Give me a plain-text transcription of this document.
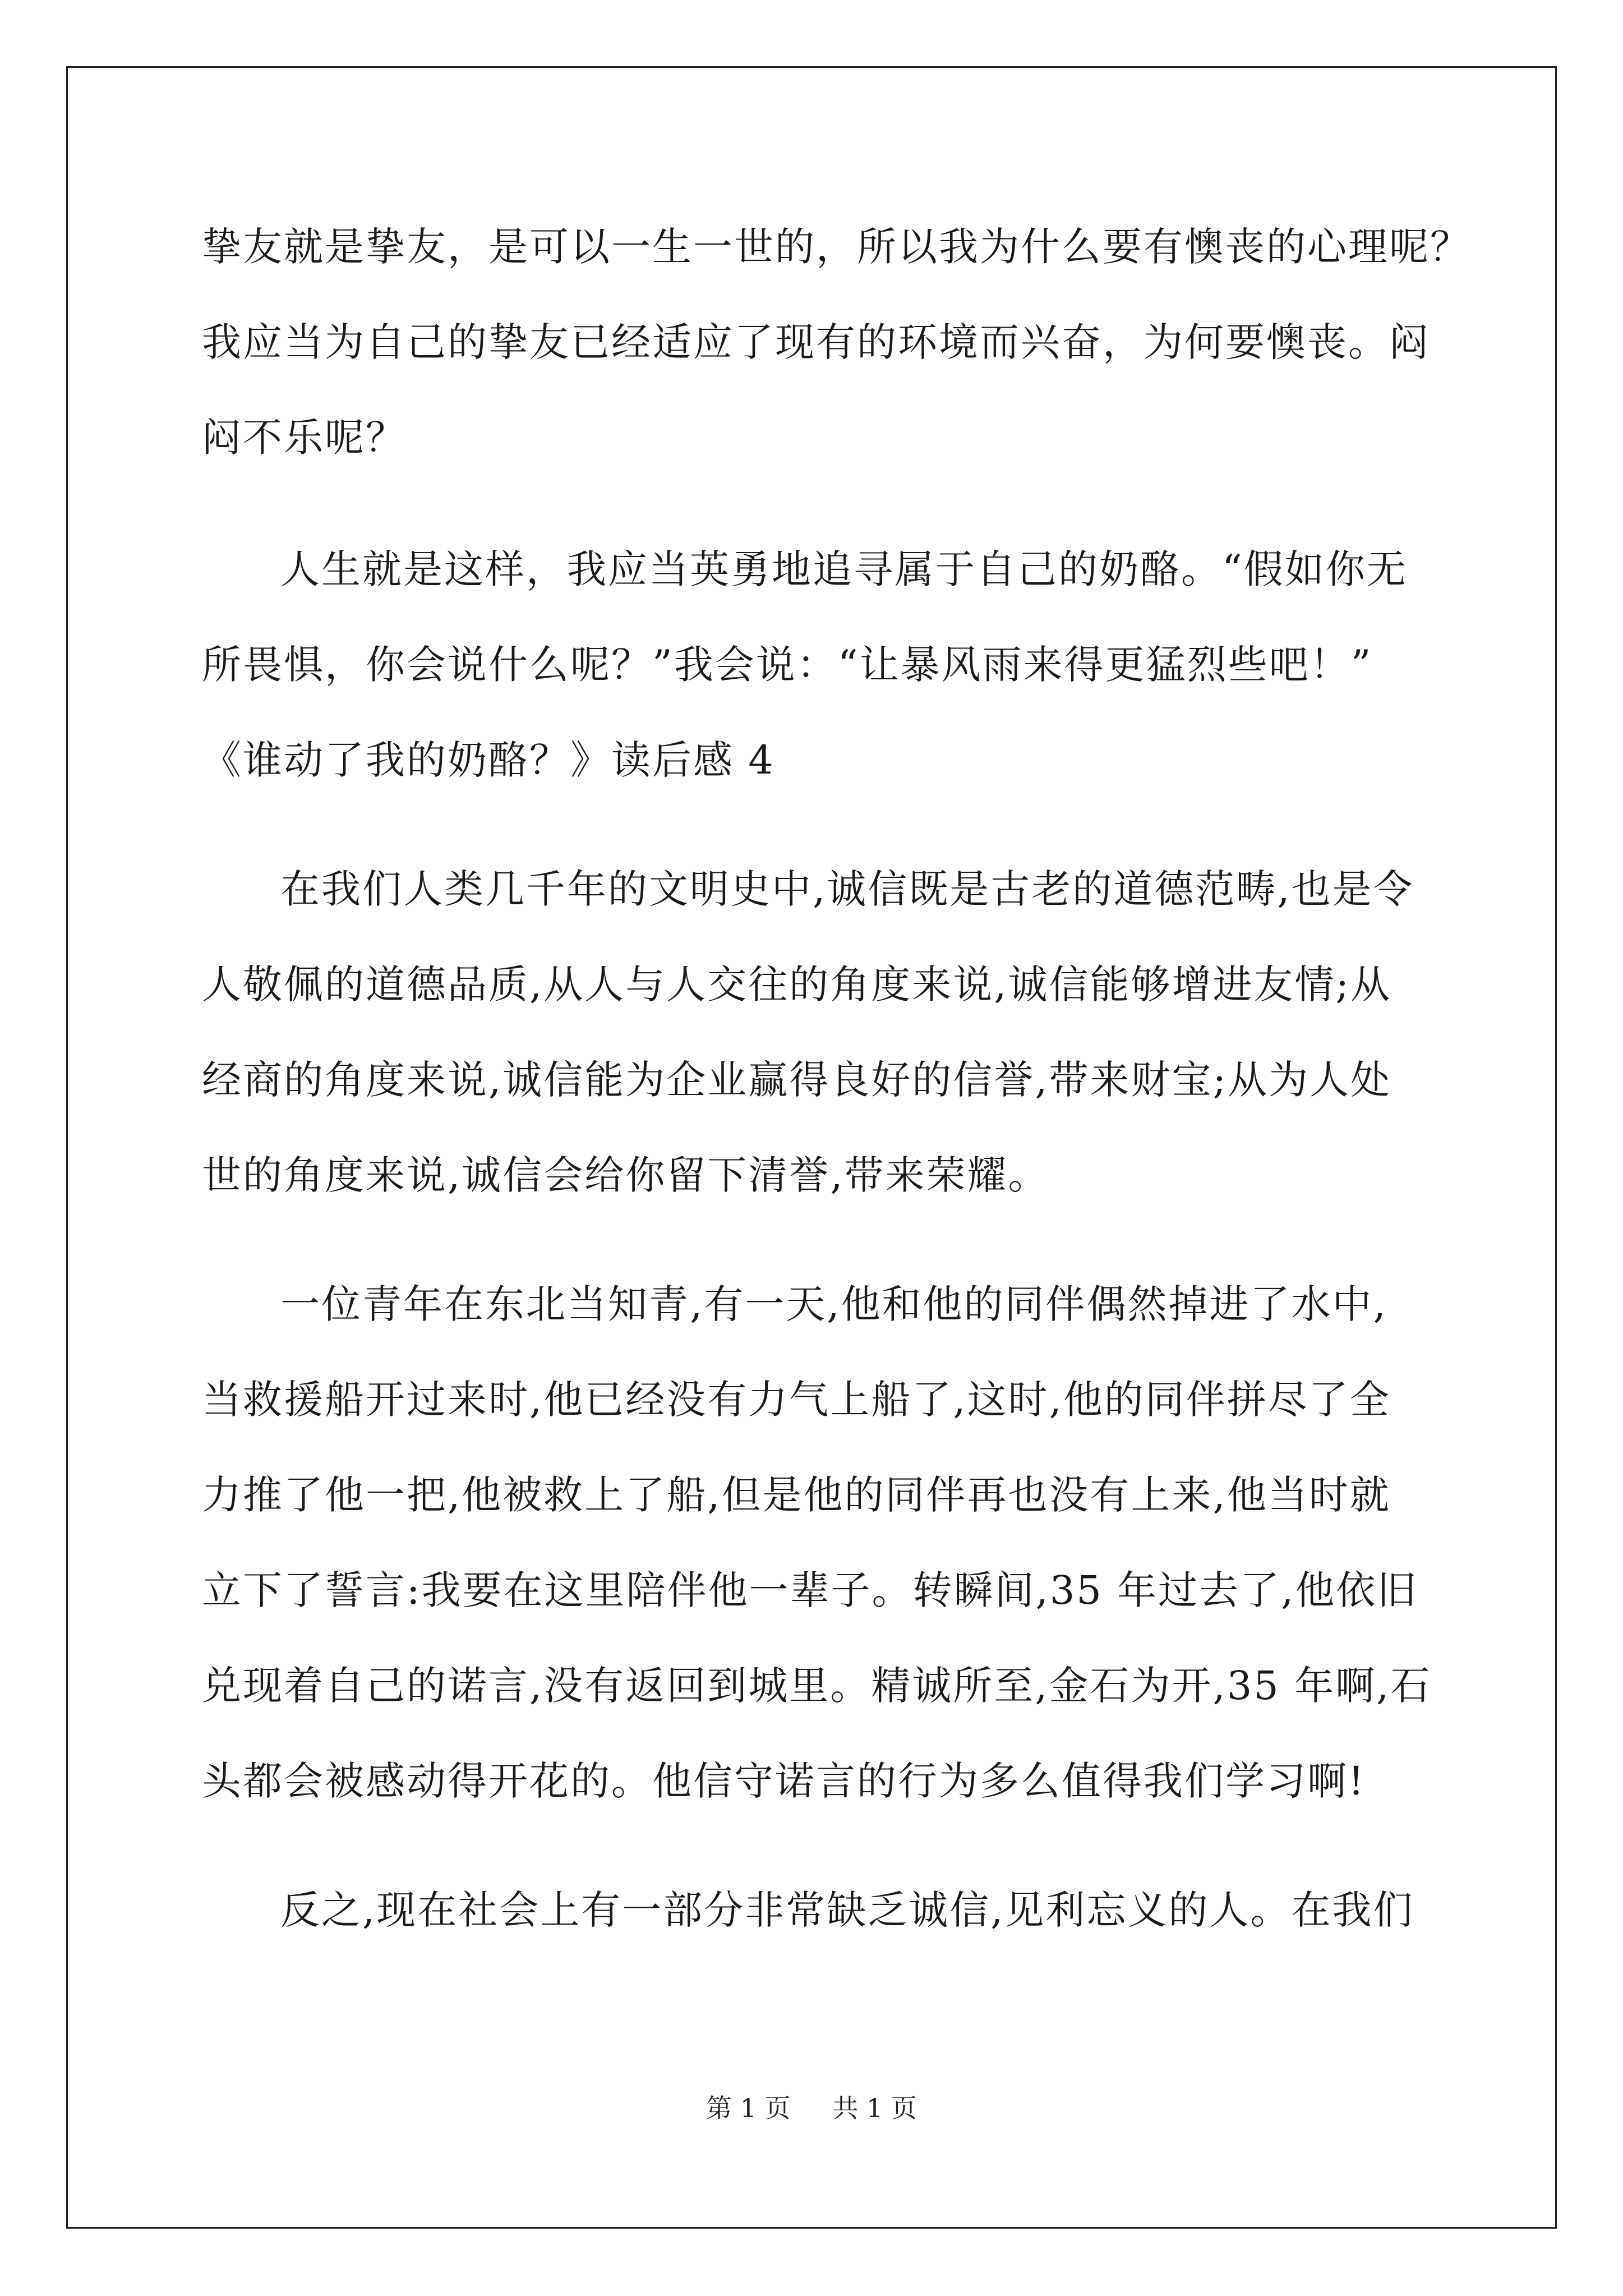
挚友就是挚友，是可以一生一世的，所以我为什么要有懊丧的心理呢？
我应当为自己的挚友已经适应了现有的环境而兴奋，为何要懊丧。闷
闷不乐呢？
人生就是这样，我应当英勇地追寻属于自己的奶酪。“假如你无
所畏惧，你会说什么呢？”我会说：“让暴风雨来得更猛烈些吧！”
《谁动了我的奶酪？》读后感 4
在我们人类几千年的文明史中,诚信既是古老的道德范畴,也是令
人敬佩的道德品质,从人与人交往的角度来说,诚信能够增进友情;从
经商的角度来说,诚信能为企业赢得良好的信誉,带来财宝;从为人处
世的角度来说,诚信会给你留下清誉,带来荣耀。
一位青年在东北当知青,有一天,他和他的同伴偶然掉进了水中,
当救援船开过来时,他已经没有力气上船了,这时,他的同伴拼尽了全
力推了他一把,他被救上了船,但是他的同伴再也没有上来,他当时就
立下了誓言:我要在这里陪伴他一辈子。转瞬间,35 年过去了,他依旧
兑现着自己的诺言,没有返回到城里。精诚所至,金石为开,35 年啊,石
头都会被感动得开花的。他信守诺言的行为多么值得我们学习啊!
反之,现在社会上有一部分非常缺乏诚信,见利忘义的人。在我们
第 1 页 共 1 页
